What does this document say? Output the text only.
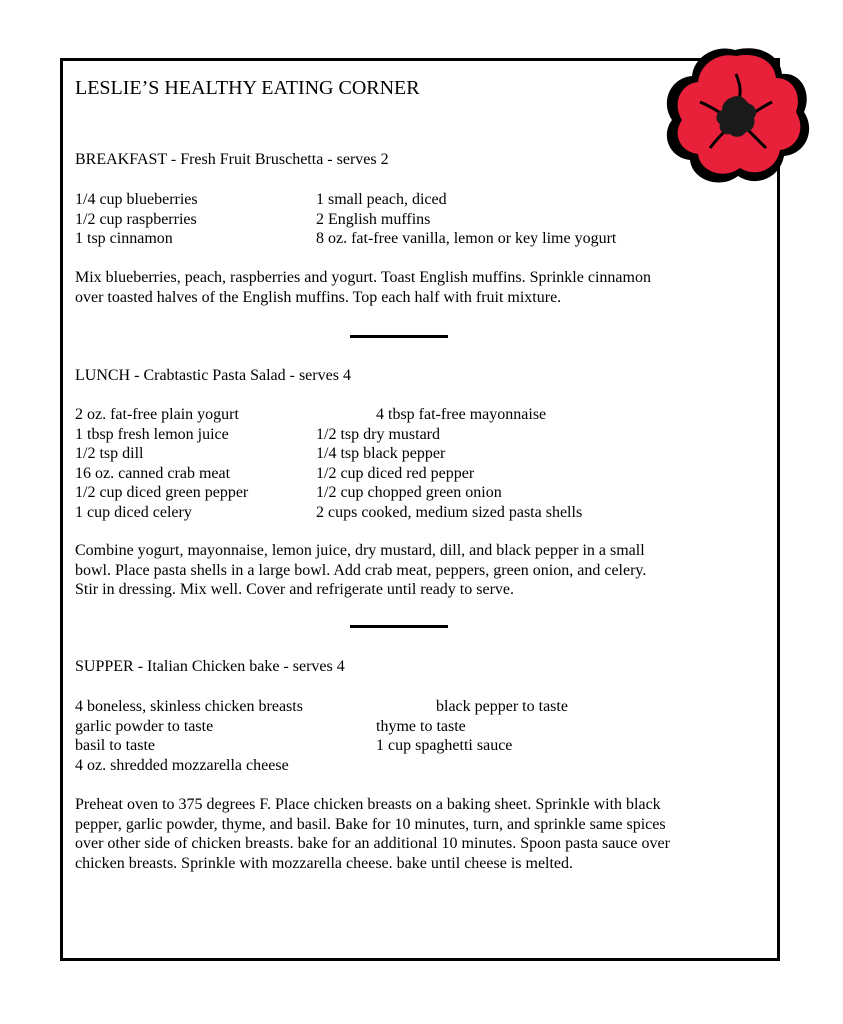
LESLIE’S HEALTHY EATING CORNER
BREAKFAST - Fresh Fruit Bruschetta - serves 2

1/4 cup blueberries

1/2 cup raspberries

1 tsp cinnamon

1 small peach, diced

2 English muffins

8 oz. fat-free vanilla, lemon or key lime yogurt

Mix blueberries, peach, raspberries and yogurt. Toast English muffins. Sprinkle cinnamon
over toasted halves of the English muffins. Top each half with fruit mixture.
LUNCH - Crabtastic Pasta Salad - serves 4

2 oz. fat-free plain yogurt

1 tbsp fresh lemon juice

1/2 tsp dill

16 oz. canned crab meat

1/2 cup diced green pepper

1 cup diced celery

4 tbsp fat-free mayonnaise

1/2 tsp dry mustard

1/4 tsp black pepper

1/2 cup diced red pepper

1/2 cup chopped green onion

2 cups cooked, medium sized pasta shells

Combine yogurt, mayonnaise, lemon juice, dry mustard, dill, and black pepper in a small
bowl. Place pasta shells in a large bowl. Add crab meat, peppers, green onion, and celery.
Stir in dressing. Mix well. Cover and refrigerate until ready to serve.
SUPPER - Italian Chicken bake - serves 4

4 boneless, skinless chicken breasts

garlic powder to taste

basil to taste

4 oz. shredded mozzarella cheese

black pepper to taste

thyme to taste

1 cup spaghetti sauce

Preheat oven to 375 degrees F. Place chicken breasts on a baking sheet. Sprinkle with black
pepper, garlic powder, thyme, and basil. Bake for 10 minutes, turn, and sprinkle same spices
over other side of chicken breasts. bake for an additional 10 minutes. Spoon pasta sauce over
chicken breasts. Sprinkle with mozzarella cheese. bake until cheese is melted.
